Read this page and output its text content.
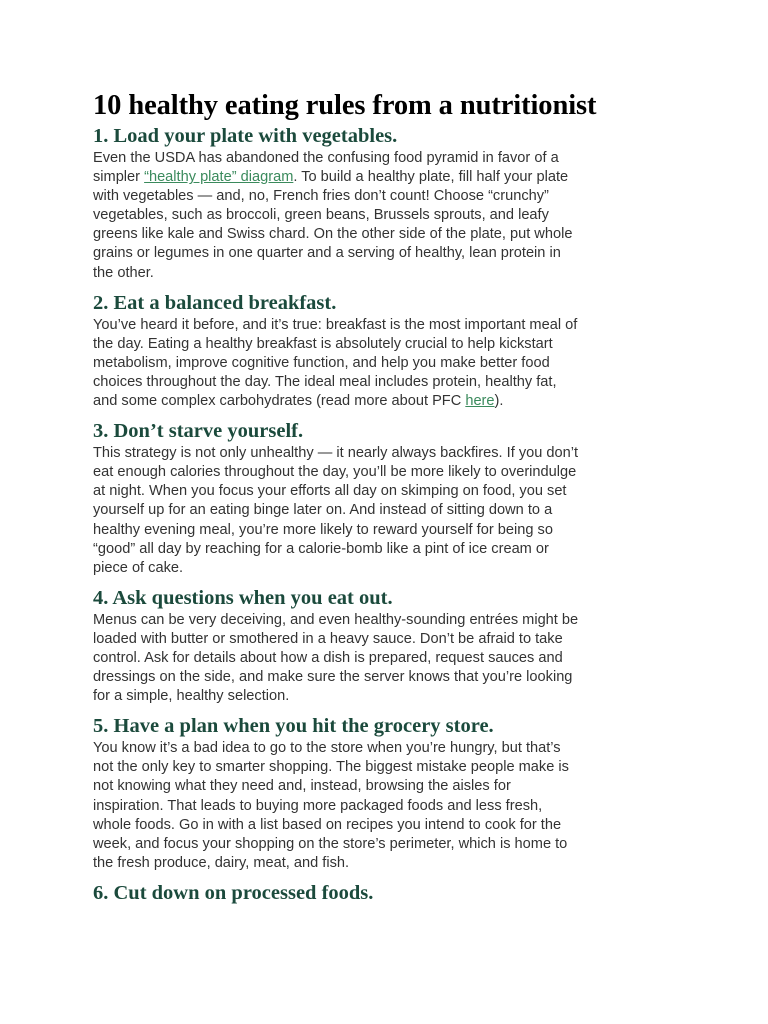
10 healthy eating rules from a nutritionist
1. Load your plate with vegetables.

Even the USDA has abandoned the confusing food pyramid in favor of a
simpler “healthy plate” diagram. To build a healthy plate, fill half your plate
with vegetables — and, no, French fries don’t count! Choose “crunchy”
vegetables, such as broccoli, green beans, Brussels sprouts, and leafy
greens like kale and Swiss chard. On the other side of the plate, put whole
grains or legumes in one quarter and a serving of healthy, lean protein in
the other.

2. Eat a balanced breakfast.

You’ve heard it before, and it’s true: breakfast is the most important meal of
the day. Eating a healthy breakfast is absolutely crucial to help kickstart
metabolism, improve cognitive function, and help you make better food
choices throughout the day. The ideal meal includes protein, healthy fat,
and some complex carbohydrates (read more about PFC here).

3. Don’t starve yourself.

This strategy is not only unhealthy — it nearly always backfires. If you don’t
eat enough calories throughout the day, you’ll be more likely to overindulge
at night. When you focus your efforts all day on skimping on food, you set
yourself up for an eating binge later on. And instead of sitting down to a
healthy evening meal, you’re more likely to reward yourself for being so
“good” all day by reaching for a calorie-bomb like a pint of ice cream or
piece of cake.

4. Ask questions when you eat out.

Menus can be very deceiving, and even healthy-sounding entrées might be
loaded with butter or smothered in a heavy sauce. Don’t be afraid to take
control. Ask for details about how a dish is prepared, request sauces and
dressings on the side, and make sure the server knows that you’re looking
for a simple, healthy selection.

5. Have a plan when you hit the grocery store.

You know it’s a bad idea to go to the store when you’re hungry, but that’s
not the only key to smarter shopping. The biggest mistake people make is
not knowing what they need and, instead, browsing the aisles for
inspiration. That leads to buying more packaged foods and less fresh,
whole foods. Go in with a list based on recipes you intend to cook for the
week, and focus your shopping on the store’s perimeter, which is home to
the fresh produce, dairy, meat, and fish.

6. Cut down on processed foods.
